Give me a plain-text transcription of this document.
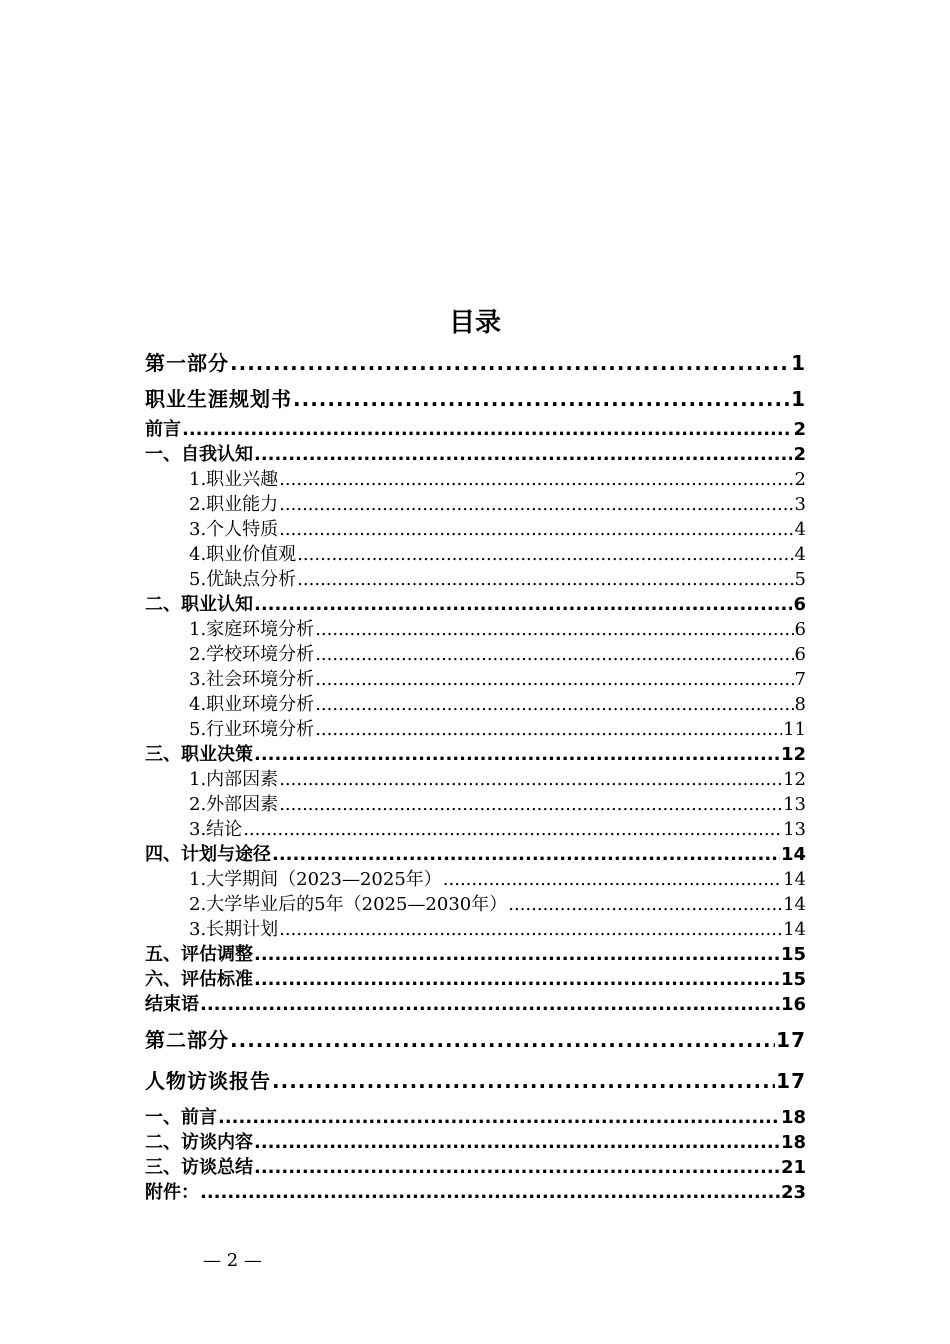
目录
第一部分 .....	1
职业生涯规划书 .....	1
前言 .....	2
一、自我认知 .....	2
1.职业兴趣 .....	2
2.职业能力 .....	3
3.个人特质 .....	4
4.职业价值观 .....	4
5.优缺点分析 .....	5
二、职业认知 .....	6
1.家庭环境分析 .....	6
2.学校环境分析 .....	6
3.社会环境分析 .....	7
4.职业环境分析 .....	8
5.行业环境分析 .....	11
三、职业决策 .....	12
1.内部因素 .....	12
2.外部因素 .....	13
3.结论 .....	13
四、计划与途径 .....	14
1.大学期间（2023—2025年） .....	14
2.大学毕业后的5年（2025—2030年） .....	14
3.长期计划 .....	14
五、评估调整 .....	15
六、评估标准 .....	15
结束语 .....	16
第二部分 .....	17
人物访谈报告 .....	17
一、前言 .....	18
二、访谈内容 .....	18
三、访谈总结 .....	21
附件： .....	23

— 2 —
